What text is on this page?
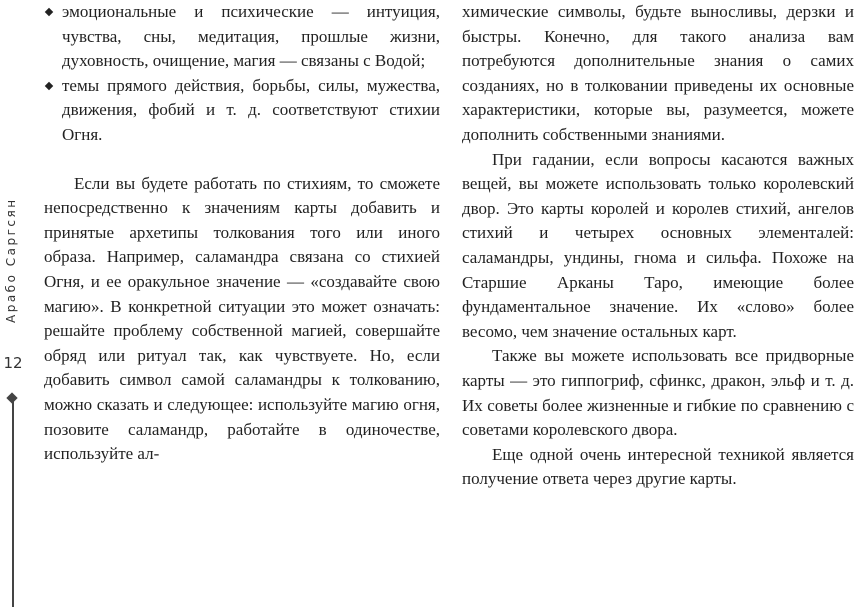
Арабо Саргсян
12
эмоциональные и психические — интуиция, чувства, сны, медитация, прошлые жизни, духовность, очищение, магия — связаны с Водой;
темы прямого действия, борьбы, силы, мужества, движения, фобий и т. д. соответствуют стихии Огня.

Если вы будете работать по стихиям, то сможете непосредственно к значениям карты добавить и принятые архетипы толкования того или иного образа. Например, саламандра связана со стихией Огня, и ее оракульное значение — «создавайте свою магию». В конкретной ситуации это может означать: решайте проблему собственной магией, совершайте обряд или ритуал так, как чувствуете. Но, если добавить символ самой саламандры к толкованию, можно сказать и следующее: используйте магию огня, позовите саламандр, работайте в одиночестве, используйте ал-

химические символы, будьте выносливы, дерзки и быстры. Конечно, для такого анализа вам потребуются дополнительные знания о самих созданиях, но в толковании приведены их основные характеристики, которые вы, разумеется, можете дополнить собственными знаниями.

При гадании, если вопросы касаются важных вещей, вы можете использовать только королевский двор. Это карты королей и королев стихий, ангелов стихий и четырех основных элементалей: саламандры, ундины, гнома и сильфа. Похоже на Старшие Арканы Таро, имеющие более фундаментальное значение. Их «слово» более весомо, чем значение остальных карт.

Также вы можете использовать все придворные карты — это гиппогриф, сфинкс, дракон, эльф и т. д. Их советы более жизненные и гибкие по сравнению с советами королевского двора.

Еще одной очень интересной техникой является получение ответа через другие карты.
